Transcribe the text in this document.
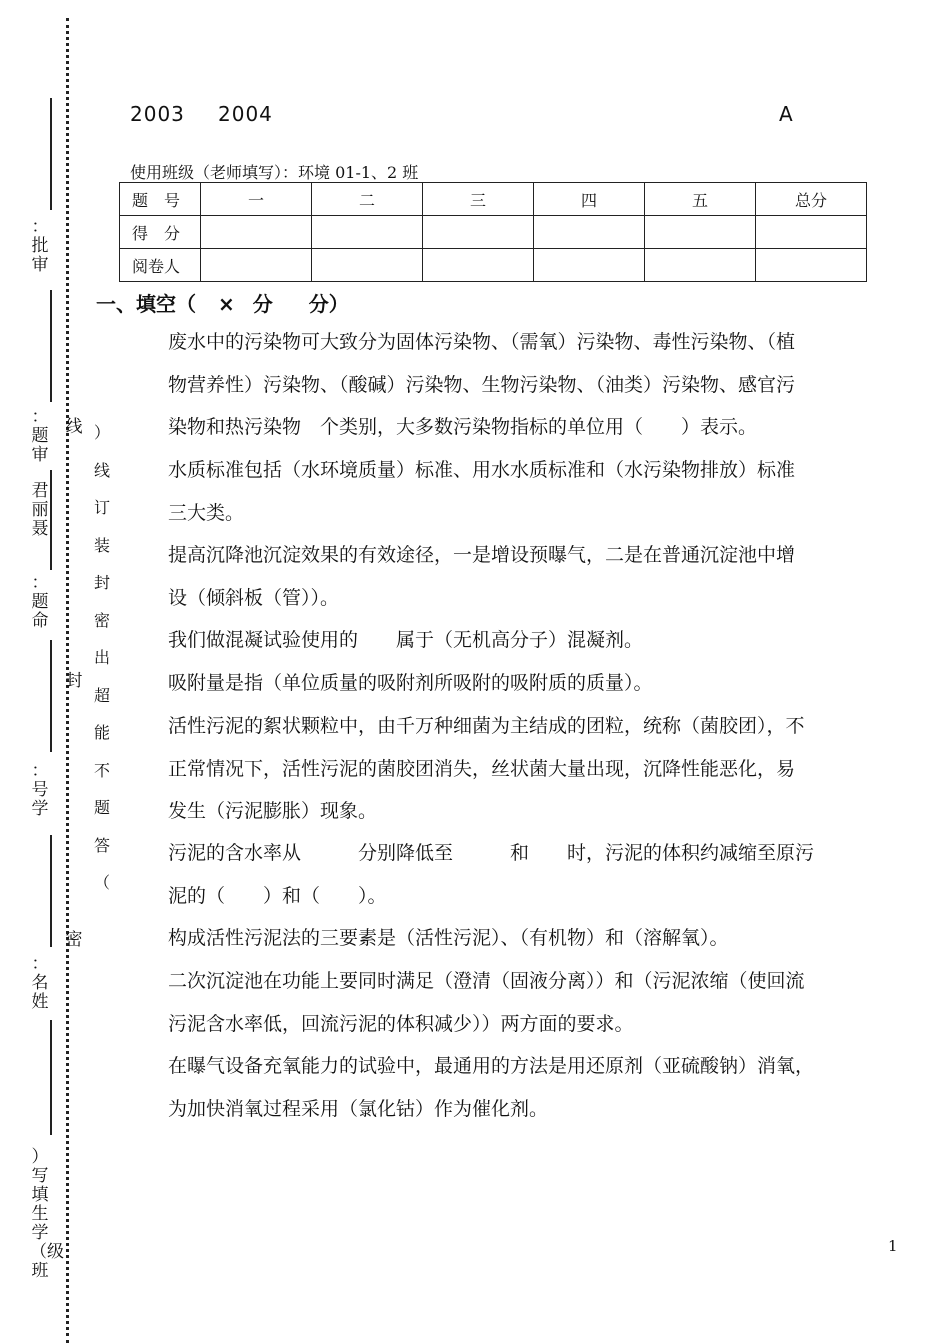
：批审
：题审
君丽聂
：题命
：号学
：名姓
）写填生学（级　班
线
封
密
）线订装封密出超能不题答（
2003 2004	A
使用班级（老师填写）：环境 01-1、2 班
题　号	一	二	三	四	五	总分
得　分						
阅卷人						
一、填空（ × 分 分）
废水中的污染物可大致分为固体污染物、（需氧）污染物、毒性污染物、（植
物营养性）污染物、（酸碱）污染物、生物污染物、（油类）污染物、感官污
染物和热污染物　个类别，大多数污染物指标的单位用（　　）表示。
水质标准包括（水环境质量）标准、用水水质标准和（水污染物排放）标准
三大类。
提高沉降池沉淀效果的有效途径，一是增设预曝气，二是在普通沉淀池中增
设（倾斜板（管））。
我们做混凝试验使用的　　属于（无机高分子）混凝剂。
吸附量是指（单位质量的吸附剂所吸附的吸附质的质量）。
活性污泥的絮状颗粒中，由千万种细菌为主结成的团粒，统称（菌胶团），不
正常情况下，活性污泥的菌胶团消失，丝状菌大量出现，沉降性能恶化，易
发生（污泥膨胀）现象。
污泥的含水率从　　　分别降低至　　　和　　时，污泥的体积约减缩至原污
泥的（　　）和（　　）。
构成活性污泥法的三要素是（活性污泥）、（有机物）和（溶解氧）。
二次沉淀池在功能上要同时满足（澄清（固液分离））和（污泥浓缩（使回流
污泥含水率低，回流污泥的体积减少））两方面的要求。
在曝气设备充氧能力的试验中，最通用的方法是用还原剂（亚硫酸钠）消氧，
为加快消氧过程采用（氯化钴）作为催化剂。
1
